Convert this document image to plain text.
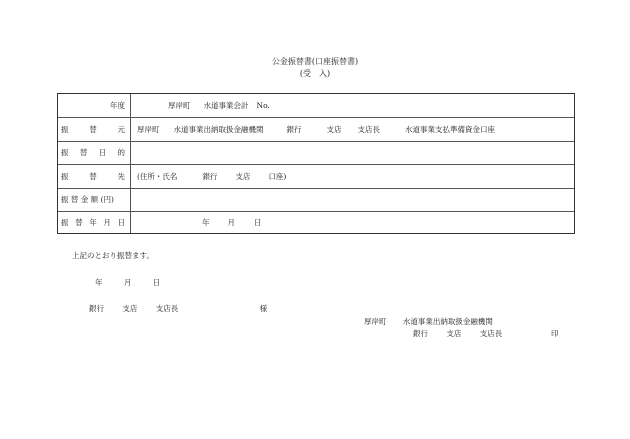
公金振替書(口座振替書)
(受　入)
年度	厚岸町 水道事業会計 No.
振	替	元 厚岸町 水道事業出納取扱金融機関	銀行	支店 支店長	水道事業支払準備資金口座
振 替 日 的
振	替	先 (住所・氏名	銀行 支店 口座)
振 替 金 額 (円)
振 替 年 月 日	年 月	日
上記のとおり振替ます。
年	月	日
銀行 支店 支店長	様
厚岸町 水道事業出納取扱金融機関
銀行 支店 支店長	印
